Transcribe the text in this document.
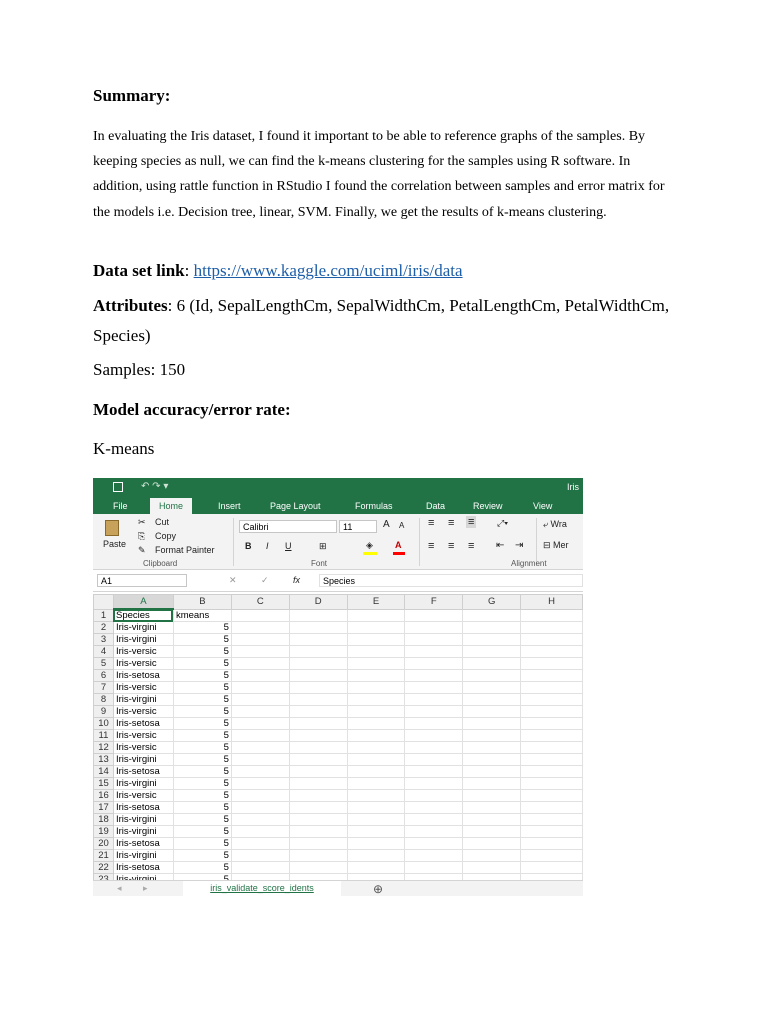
Summary:
In evaluating the Iris dataset, I found it important to be able to reference graphs of the samples. By keeping species as null, we can find the k-means clustering for the samples using R software. In addition, using rattle function in RStudio I found the correlation between samples and error matrix for the models i.e. Decision tree, linear, SVM. Finally, we get the results of k-means clustering.
Data set link: https://www.kaggle.com/uciml/iris/data
Attributes: 6 (Id, SepalLengthCm, SepalWidthCm, PetalLengthCm, PetalWidthCm, Species)
Samples: 150
Model accuracy/error rate:
K-means
↶ ↷ ▾	Iris
File	Home	Insert	Page Layout	Formulas	Data	Review	View
Paste
✂ Cut
⎘ Copy
✎ Format Painter
Clipboard
Calibri	11	A A
B I U	⊞	◈ A
Font
≡ ≡ ≡	⤢▾
≡ ≡ ≡ ⇤ ⇥
⤶ Wra
⊟ Mer
Alignment
A1	✕	✓	fx	Species
	A	B	C	D	E	F	G	H
1	Species	kmeans						
2	Iris-virgini	5						
3	Iris-virgini	5						
4	Iris-versic	5						
5	Iris-versic	5						
6	Iris-setosa	5						
7	Iris-versic	5						
8	Iris-virgini	5						
9	Iris-versic	5						
10	Iris-setosa	5						
11	Iris-versic	5						
12	Iris-versic	5						
13	Iris-virgini	5						
14	Iris-setosa	5						
15	Iris-virgini	5						
16	Iris-versic	5						
17	Iris-setosa	5						
18	Iris-virgini	5						
19	Iris-virgini	5						
20	Iris-setosa	5						
21	Iris-virgini	5						
22	Iris-setosa	5						

◂ ▸	iris_validate_score_idents	⊕
